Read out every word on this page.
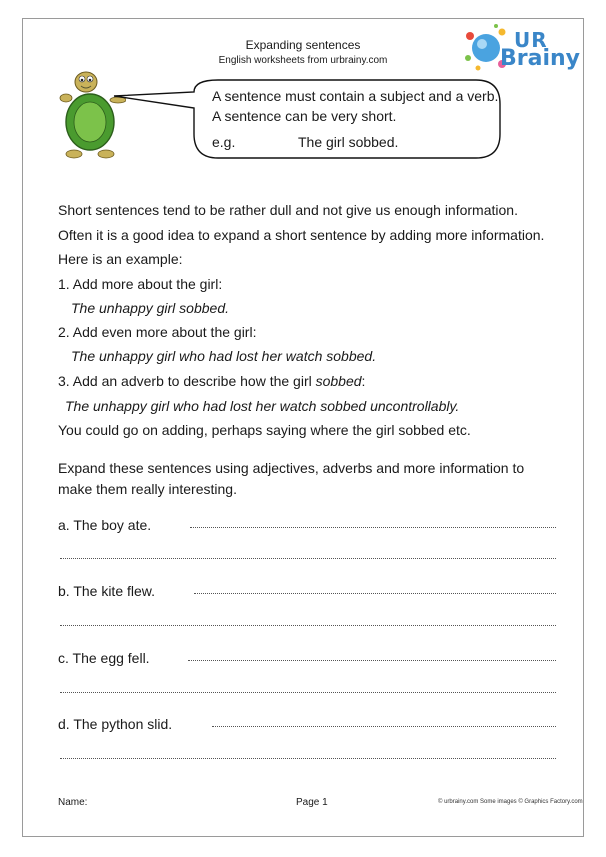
Expanding sentences
English worksheets from urbrainy.com
UR
Brainy
A sentence must contain a subject and a verb. A sentence can be very short.
e.g.	The girl sobbed.
Short sentences tend to be rather dull and not give us enough information.
Often it is a good idea to expand a short sentence by adding more information.
Here is an example:
1. Add more about the girl:
The unhappy girl sobbed.
2. Add even more about the girl:
The unhappy girl who had lost her watch sobbed.
3. Add an adverb to describe how the girl sobbed:
The unhappy girl who had lost her watch sobbed uncontrollably.
You could go on adding, perhaps saying where the girl sobbed etc.
Expand these sentences using adjectives, adverbs and more information to
make them really interesting.
a. The boy ate.
b. The kite flew.
c. The egg fell.
d. The python slid.
Name:	Page 1	© urbrainy.com Some images © Graphics Factory.com
